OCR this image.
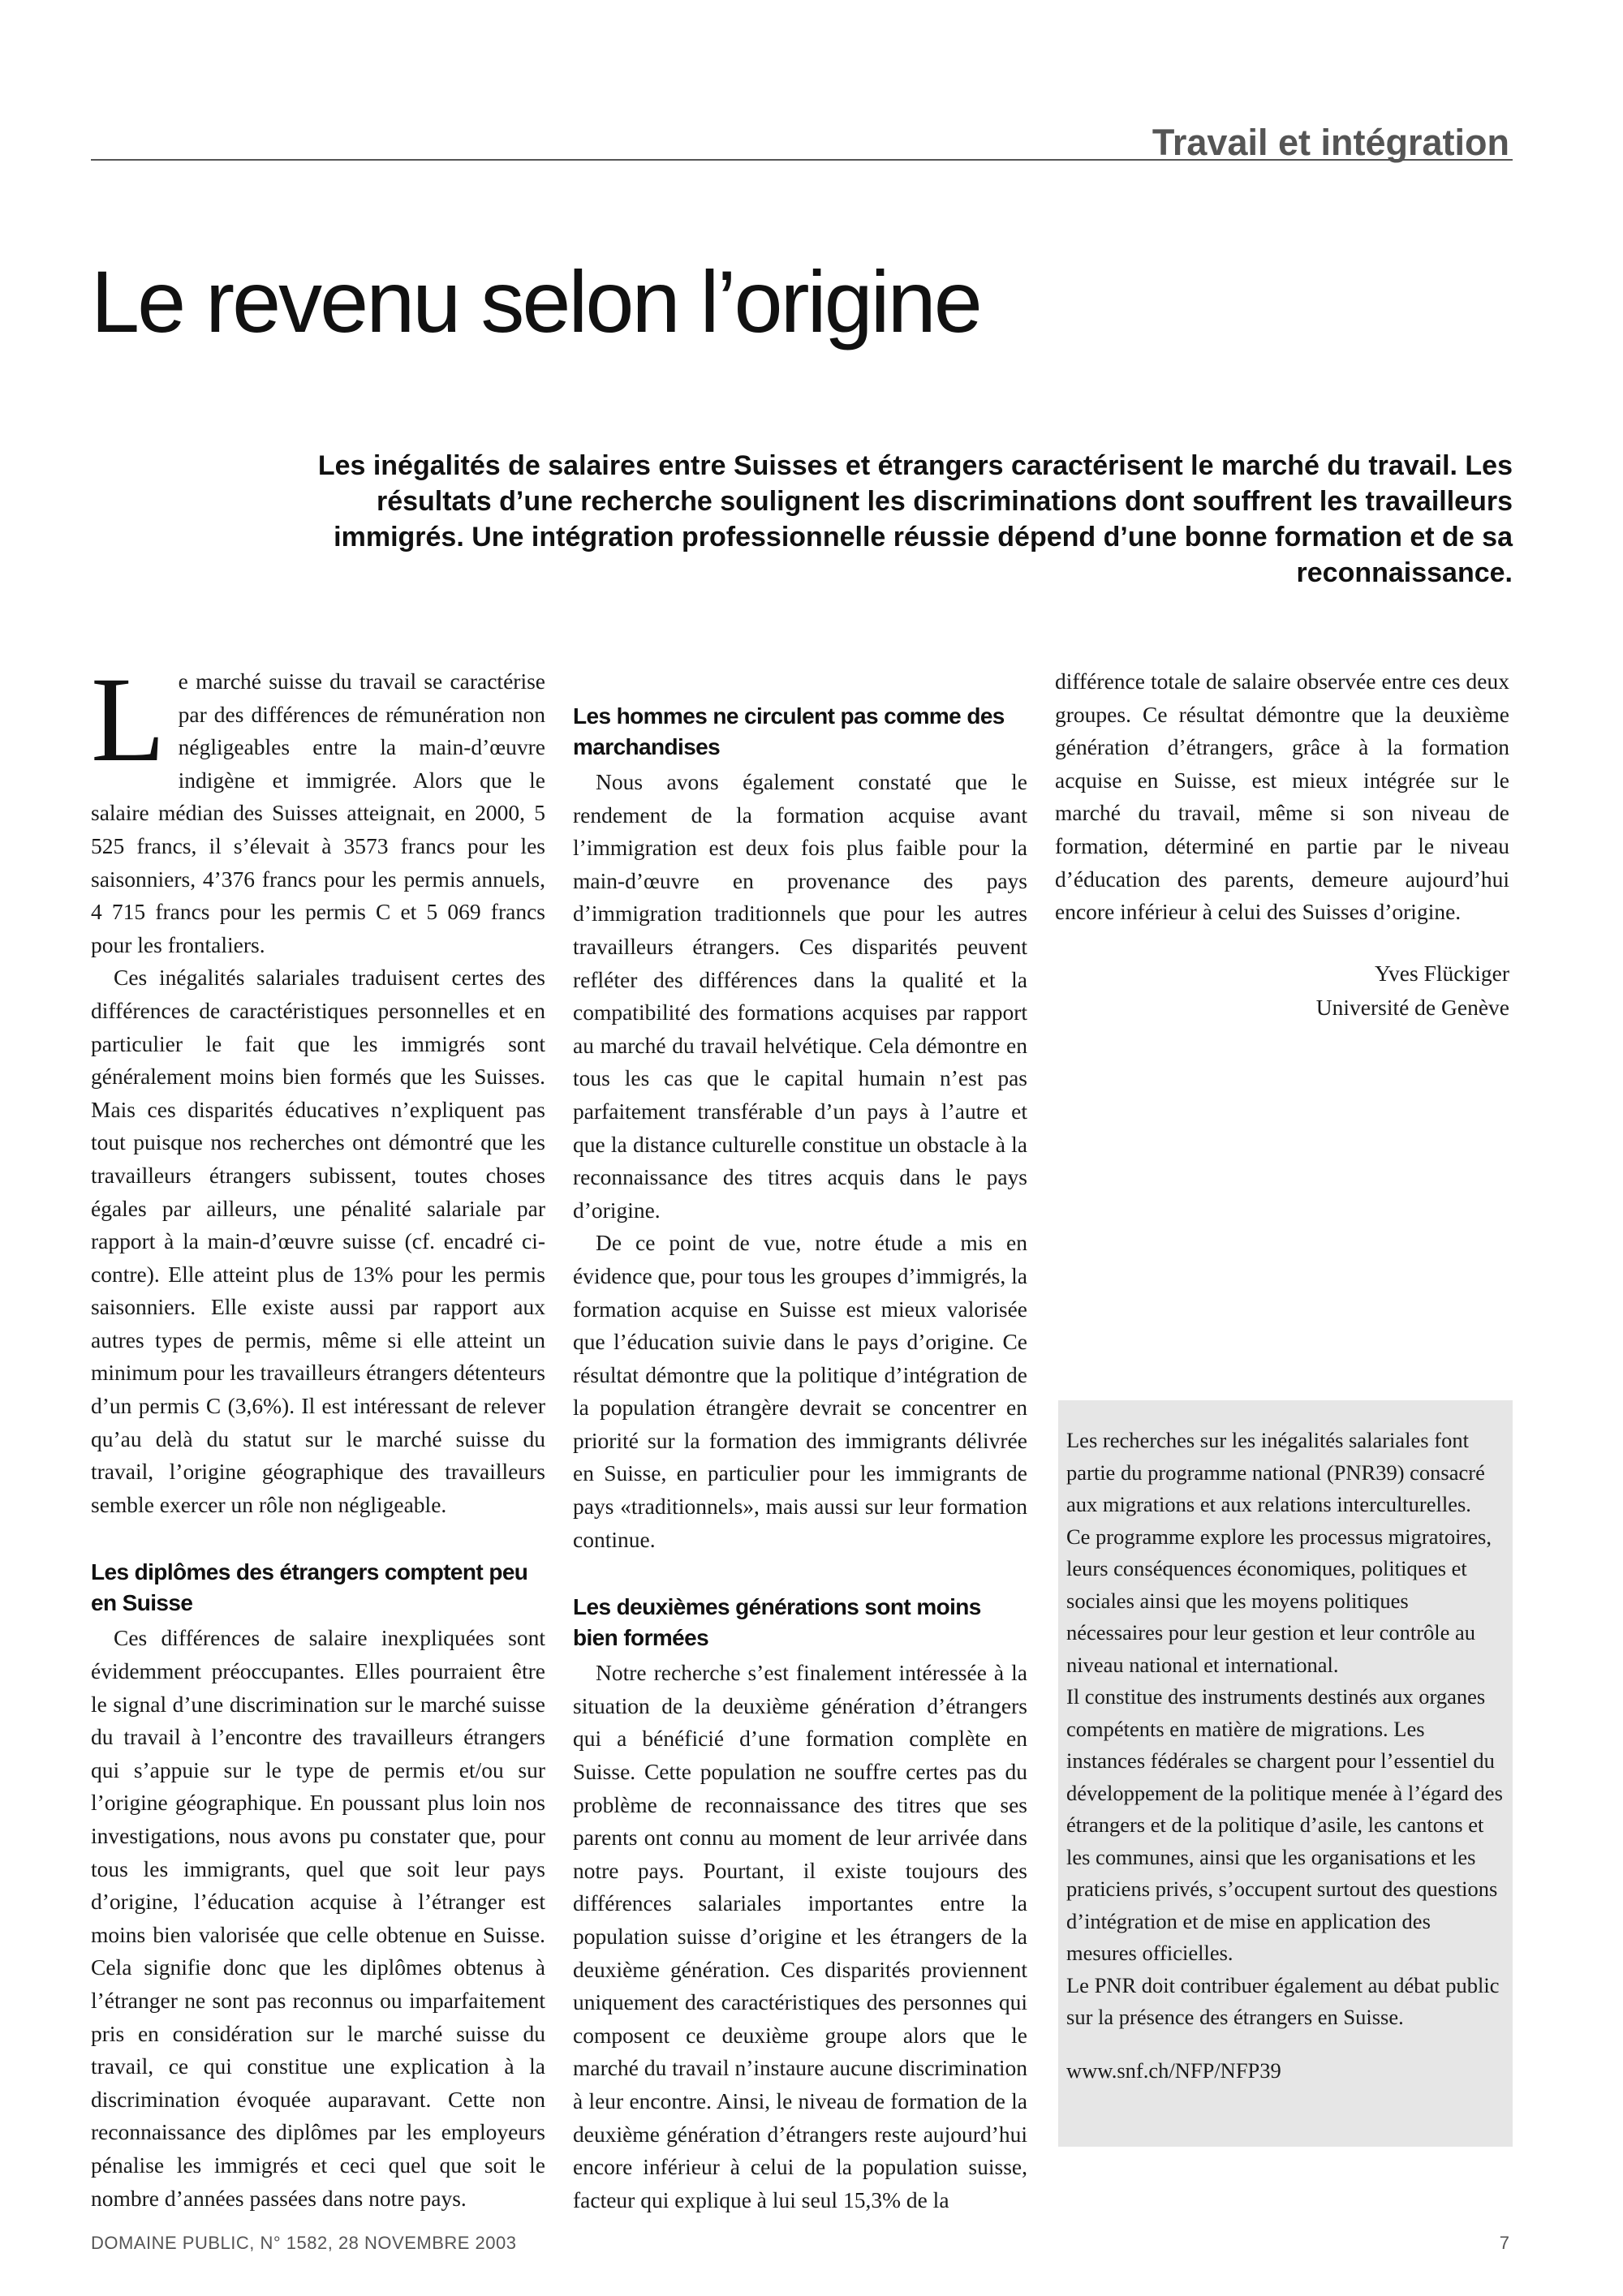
Travail et intégration
Le revenu selon l’origine

Les inégalités de salaires entre Suisses et étrangers caractérisent le marché du travail. Les résultats d’une recherche soulignent les discriminations dont souffrent les travailleurs immigrés. Une intégration professionnelle réussie dépend d’une bonne formation et de sa reconnaissance.

Le marché suisse du travail se caractérise par des différences de rémunération non négligeables entre la main-d’œuvre indigène et immigrée. Alors que le salaire médian des Suisses atteignait, en 2000, 5 525 francs, il s’élevait à 3573 francs pour les saisonniers, 4’376 francs pour les permis annuels, 4 715 francs pour les permis C et 5 069 francs pour les frontaliers.

Ces inégalités salariales traduisent certes des différences de caractéristiques personnelles et en particulier le fait que les immigrés sont généralement moins bien formés que les Suisses. Mais ces disparités éducatives n’expliquent pas tout puisque nos recherches ont démontré que les travailleurs étrangers subissent, toutes choses égales par ailleurs, une pénalité salariale par rapport à la main-d’œuvre suisse (cf. encadré ci-contre). Elle atteint plus de 13% pour les permis saisonniers. Elle existe aussi par rapport aux autres types de permis, même si elle atteint un minimum pour les travailleurs étrangers détenteurs d’un permis C (3,6%). Il est intéressant de relever qu’au delà du statut sur le marché suisse du travail, l’origine géographique des travailleurs semble exercer un rôle non négligeable.

Les diplômes des étrangers comptent peu en Suisse

Ces différences de salaire inexpliquées sont évidemment préoccupantes. Elles pourraient être le signal d’une discrimination sur le marché suisse du travail à l’encontre des travailleurs étrangers qui s’appuie sur le type de permis et/ou sur l’origine géographique. En poussant plus loin nos investigations, nous avons pu constater que, pour tous les immigrants, quel que soit leur pays d’origine, l’éducation acquise à l’étranger est moins bien valorisée que celle obtenue en Suisse. Cela signifie donc que les diplômes obtenus à l’étranger ne sont pas reconnus ou imparfaitement pris en considération sur le marché suisse du travail, ce qui constitue une explication à la discrimination évoquée auparavant. Cette non reconnaissance des diplômes par les employeurs pénalise les immigrés et ceci quel que soit le nombre d’années passées dans notre pays.

Les hommes ne circulent pas comme des marchandises

Nous avons également constaté que le rendement de la formation acquise avant l’immigration est deux fois plus faible pour la main-d’œuvre en provenance des pays d’immigration traditionnels que pour les autres travailleurs étrangers. Ces disparités peuvent refléter des différences dans la qualité et la compatibilité des formations acquises par rapport au marché du travail helvétique. Cela démontre en tous les cas que le capital humain n’est pas parfaitement transférable d’un pays à l’autre et que la distance culturelle constitue un obstacle à la reconnaissance des titres acquis dans le pays d’origine.

De ce point de vue, notre étude a mis en évidence que, pour tous les groupes d’immigrés, la formation acquise en Suisse est mieux valorisée que l’éducation suivie dans le pays d’origine. Ce résultat démontre que la politique d’intégration de la population étrangère devrait se concentrer en priorité sur la formation des immigrants délivrée en Suisse, en particulier pour les immigrants de pays «traditionnels», mais aussi sur leur formation continue.

Les deuxièmes générations sont moins bien formées

Notre recherche s’est finalement intéressée à la situation de la deuxième génération d’étrangers qui a bénéficié d’une formation complète en Suisse. Cette population ne souffre certes pas du problème de reconnaissance des titres que ses parents ont connu au moment de leur arrivée dans notre pays. Pourtant, il existe toujours des différences salariales importantes entre la population suisse d’origine et les étrangers de la deuxième génération. Ces disparités proviennent uniquement des caractéristiques des personnes qui composent ce deuxième groupe alors que le marché du travail n’instaure aucune discrimination à leur encontre. Ainsi, le niveau de formation de la deuxième génération d’étrangers reste aujourd’hui encore inférieur à celui de la population suisse, facteur qui explique à lui seul 15,3% de la

différence totale de salaire observée entre ces deux groupes. Ce résultat démontre que la deuxième génération d’étrangers, grâce à la formation acquise en Suisse, est mieux intégrée sur le marché du travail, même si son niveau de formation, déterminé en partie par le niveau d’éducation des parents, demeure aujourd’hui encore inférieur à celui des Suisses d’origine.

Yves Flückiger
Université de Genève

Les recherches sur les inégalités salariales font partie du programme national (PNR39) consacré aux migrations et aux relations interculturelles.

Ce programme explore les processus migratoires, leurs conséquences économiques, politiques et sociales ainsi que les moyens politiques nécessaires pour leur gestion et leur contrôle au niveau national et international.

Il constitue des instruments destinés aux organes compétents en matière de migrations. Les instances fédérales se chargent pour l’essentiel du développement de la politique menée à l’égard des étrangers et de la politique d’asile, les cantons et les communes, ainsi que les organisations et les praticiens privés, s’occupent surtout des questions d’intégration et de mise en application des mesures officielles.

Le PNR doit contribuer également au débat public sur la présence des étrangers en Suisse.

www.snf.ch/NFP/NFP39

DOMAINE PUBLIC, N° 1582, 28 NOVEMBRE 2003	7
